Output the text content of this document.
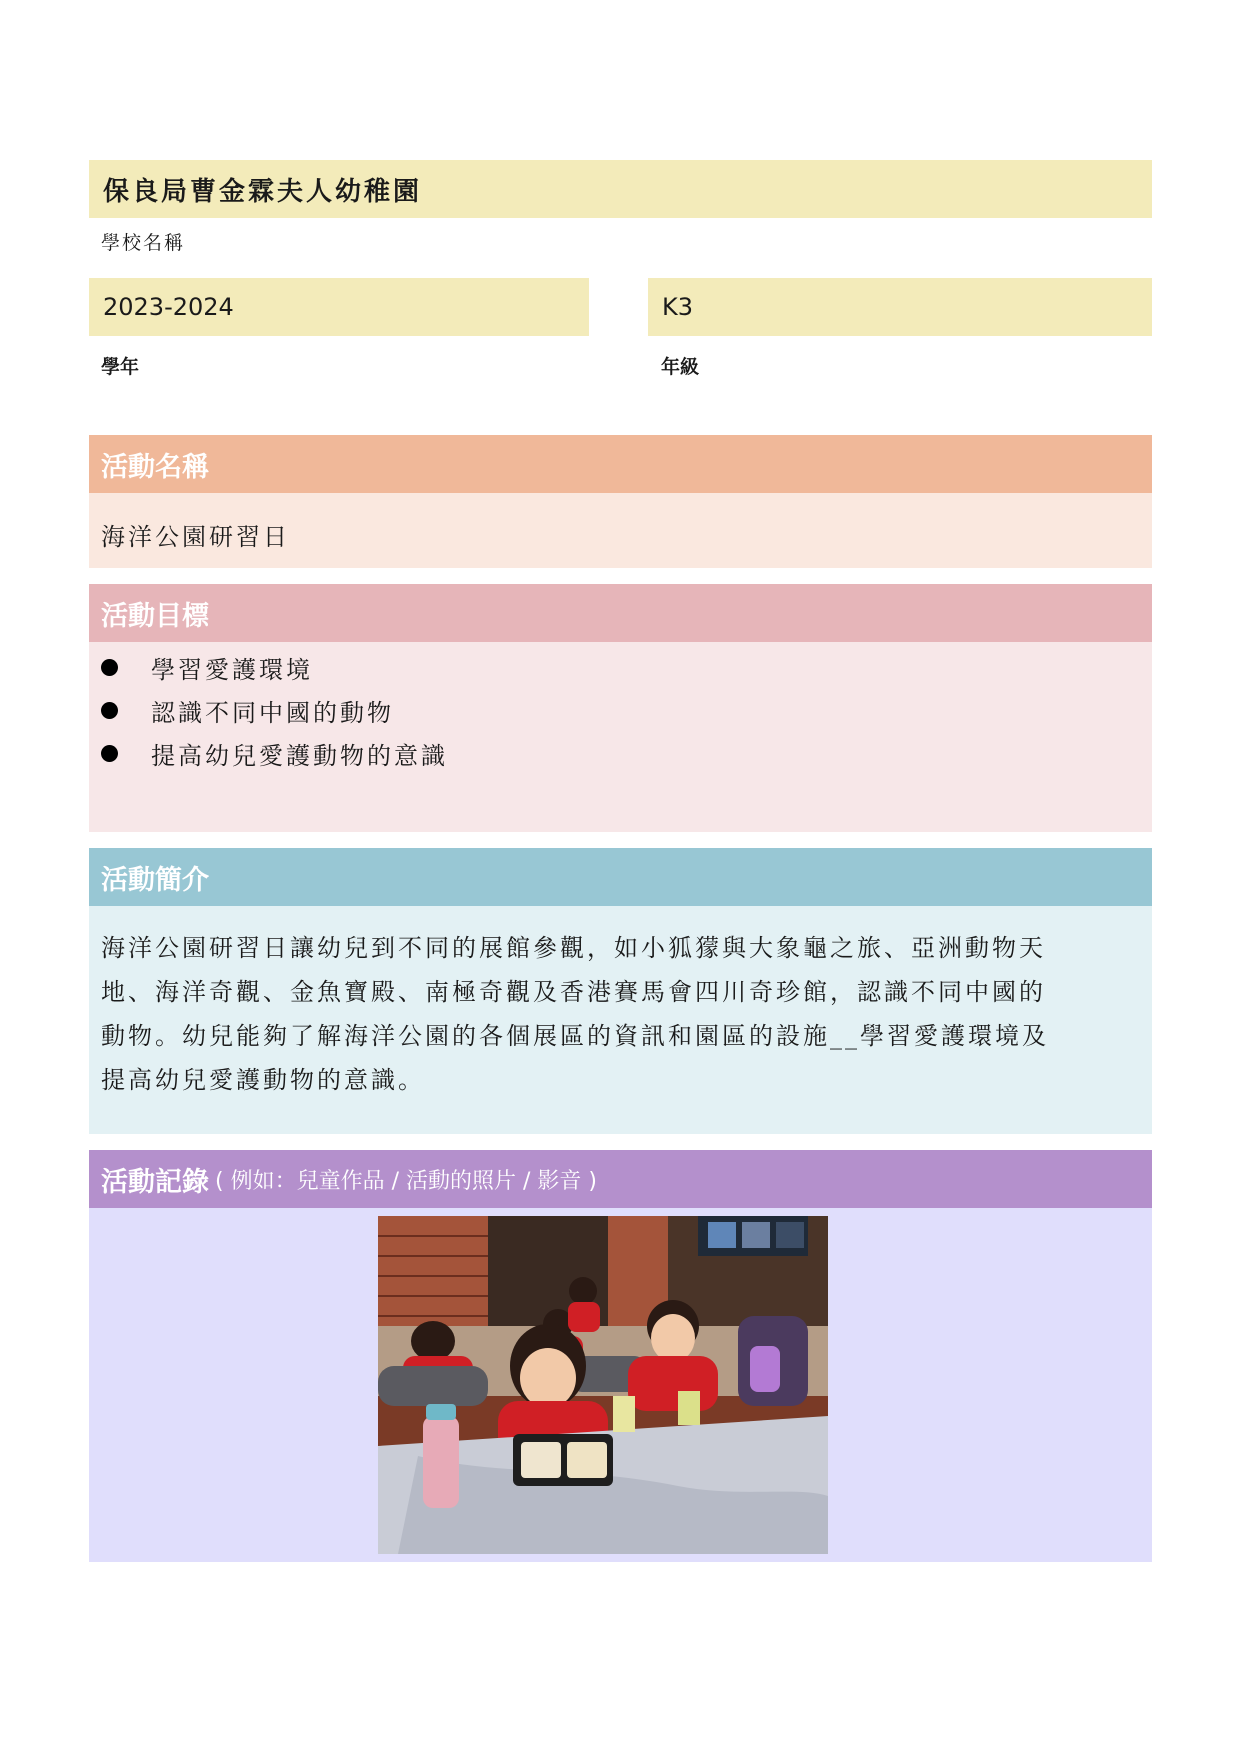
保良局曹金霖夫人幼稚園
學校名稱
2023-2024
學年
K3
年級
活動名稱
海洋公園研習日
活動目標
學習愛護環境
認識不同中國的動物
提高幼兒愛護動物的意識
活動簡介
海洋公園研習日讓幼兒到不同的展館參觀，如小狐獴與大象龜之旅、亞洲動物天
地、海洋奇觀、金魚寶殿、南極奇觀及香港賽馬會四川奇珍館，認識不同中國的
動物。幼兒能夠了解海洋公園的各個展區的資訊和園區的設施__學習愛護環境及
提高幼兒愛護動物的意識。
活動記錄 ( 例如：兒童作品 / 活動的照片 / 影音 )
